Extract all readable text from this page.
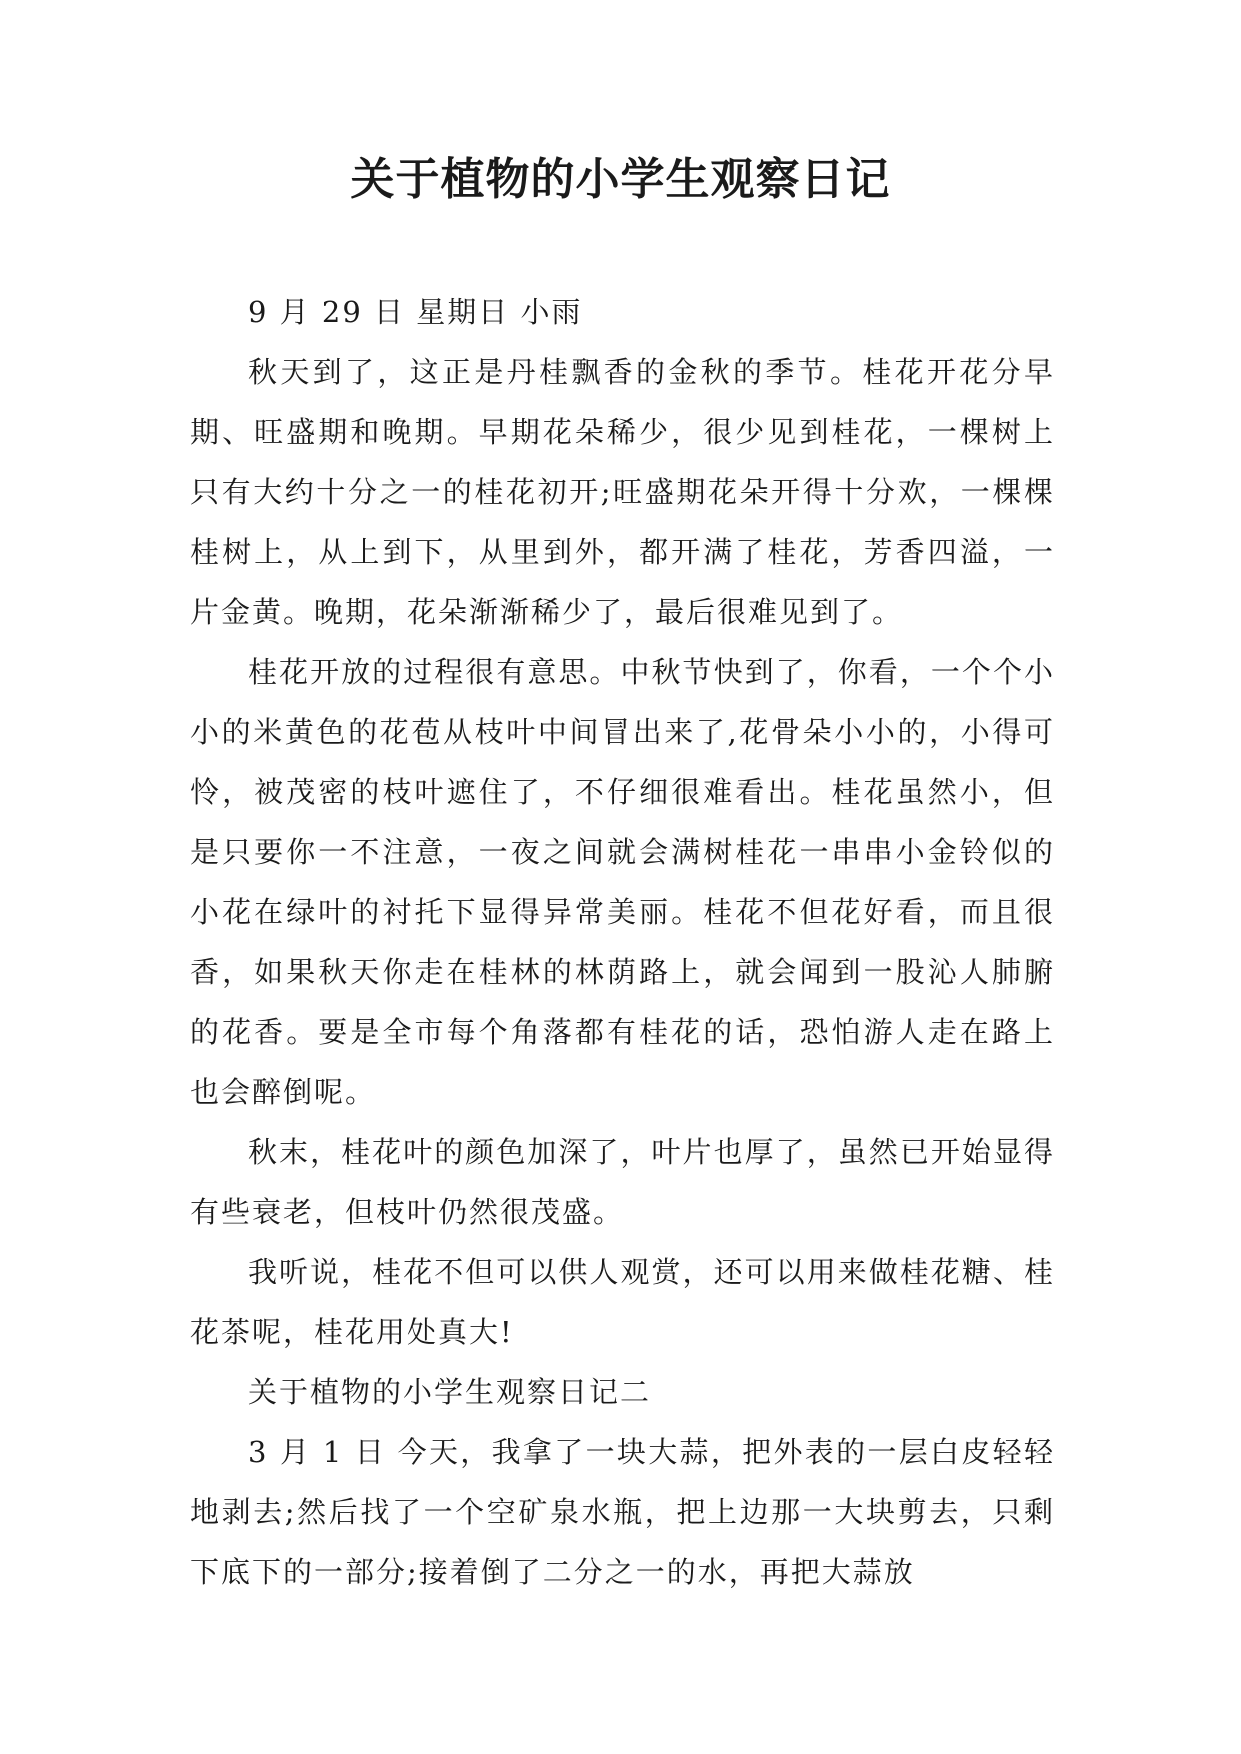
关于植物的小学生观察日记

9 月 29 日 星期日 小雨

秋天到了，这正是丹桂飘香的金秋的季节。桂花开花分早期、旺盛期和晚期。早期花朵稀少，很少见到桂花，一棵树上只有大约十分之一的桂花初开;旺盛期花朵开得十分欢，一棵棵桂树上，从上到下，从里到外，都开满了桂花，芳香四溢，一片金黄。晚期，花朵渐渐稀少了，最后很难见到了。

桂花开放的过程很有意思。中秋节快到了，你看，一个个小小的米黄色的花苞从枝叶中间冒出来了,花骨朵小小的，小得可怜，被茂密的枝叶遮住了，不仔细很难看出。桂花虽然小，但是只要你一不注意，一夜之间就会满树桂花一串串小金铃似的小花在绿叶的衬托下显得异常美丽。桂花不但花好看，而且很香，如果秋天你走在桂林的林荫路上，就会闻到一股沁人肺腑的花香。要是全市每个角落都有桂花的话，恐怕游人走在路上也会醉倒呢。

秋末，桂花叶的颜色加深了，叶片也厚了，虽然已开始显得有些衰老，但枝叶仍然很茂盛。

我听说，桂花不但可以供人观赏，还可以用来做桂花糖、桂花茶呢，桂花用处真大!

关于植物的小学生观察日记二

3 月 1 日 今天，我拿了一块大蒜，把外表的一层白皮轻轻地剥去;然后找了一个空矿泉水瓶，把上边那一大块剪去，只剩下底下的一部分;接着倒了二分之一的水，再把大蒜放
